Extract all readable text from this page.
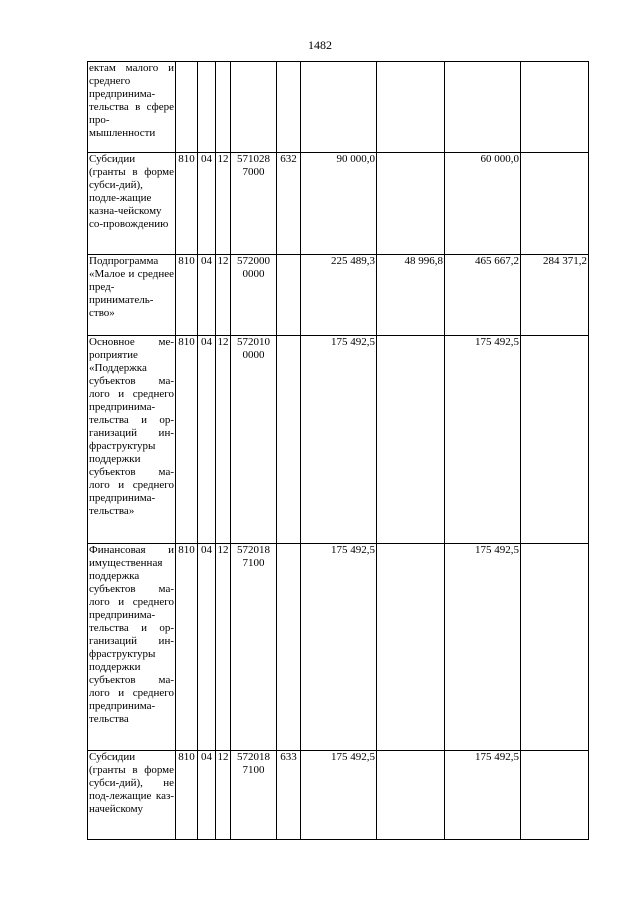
1482
ектам малого и среднего предпринима-тельства в сфере про-мышленности									
Субсидии (гранты в форме субси-дий), подле-жащие казна-чейскому со-провождению	810	04	12	571028 7000	632	90 000,0		60 000,0	
Подпрограмма «Малое и среднее пред-приниматель-ство»	810	04	12	572000 0000		225 489,3	48 996,8	465 667,2	284 371,2
Основное ме-роприятие «Поддержка субъектов ма-лого и среднего предпринима-тельства и ор-ганизаций ин-фраструктуры поддержки субъектов ма-лого и среднего предпринима-тельства»	810	04	12	572010 0000		175 492,5		175 492,5	
Финансовая и имущественная поддержка субъектов ма-лого и среднего предпринима-тельства и ор-ганизаций ин-фраструктуры поддержки субъектов ма-лого и среднего предпринима-тельства	810	04	12	572018 7100		175 492,5		175 492,5	
Субсидии (гранты в форме субси-дий), не под-лежащие каз-начейскому	810	04	12	572018 7100	633	175 492,5		175 492,5	
